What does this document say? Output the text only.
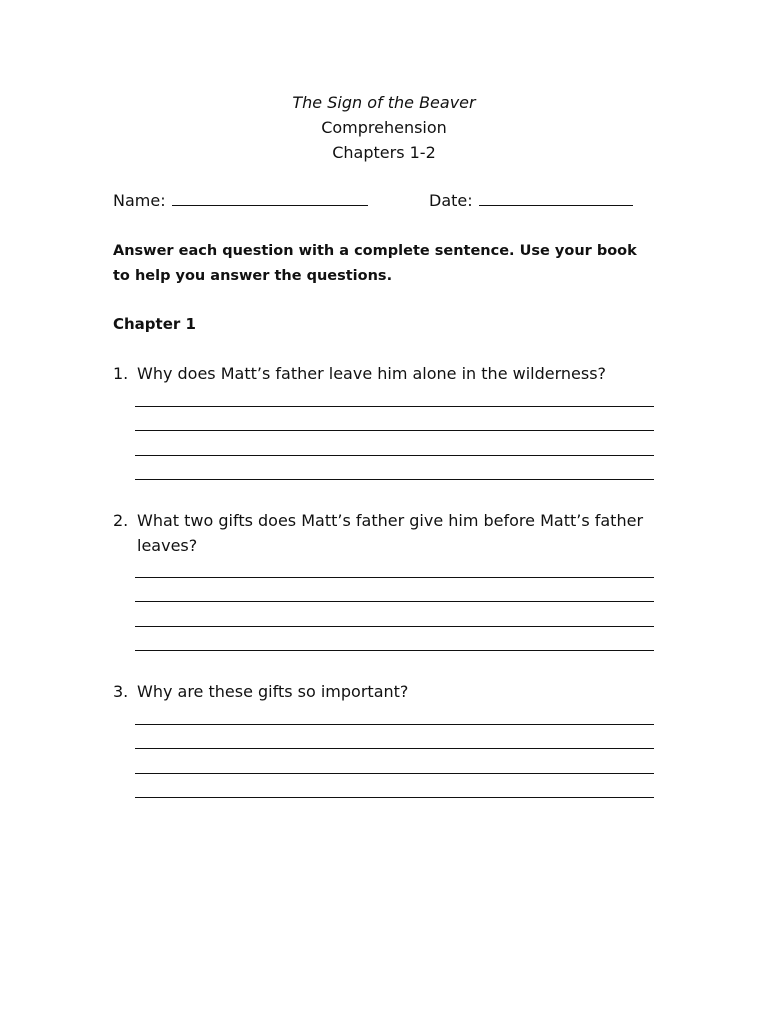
The Sign of the Beaver
Comprehension
Chapters 1-2
Name:	Date:
Answer each question with a complete sentence. Use your book to help you answer the questions.
Chapter 1
1. Why does Matt’s father leave him alone in the wilderness?
2. What two gifts does Matt’s father give him before Matt’s father leaves?
3. Why are these gifts so important?
